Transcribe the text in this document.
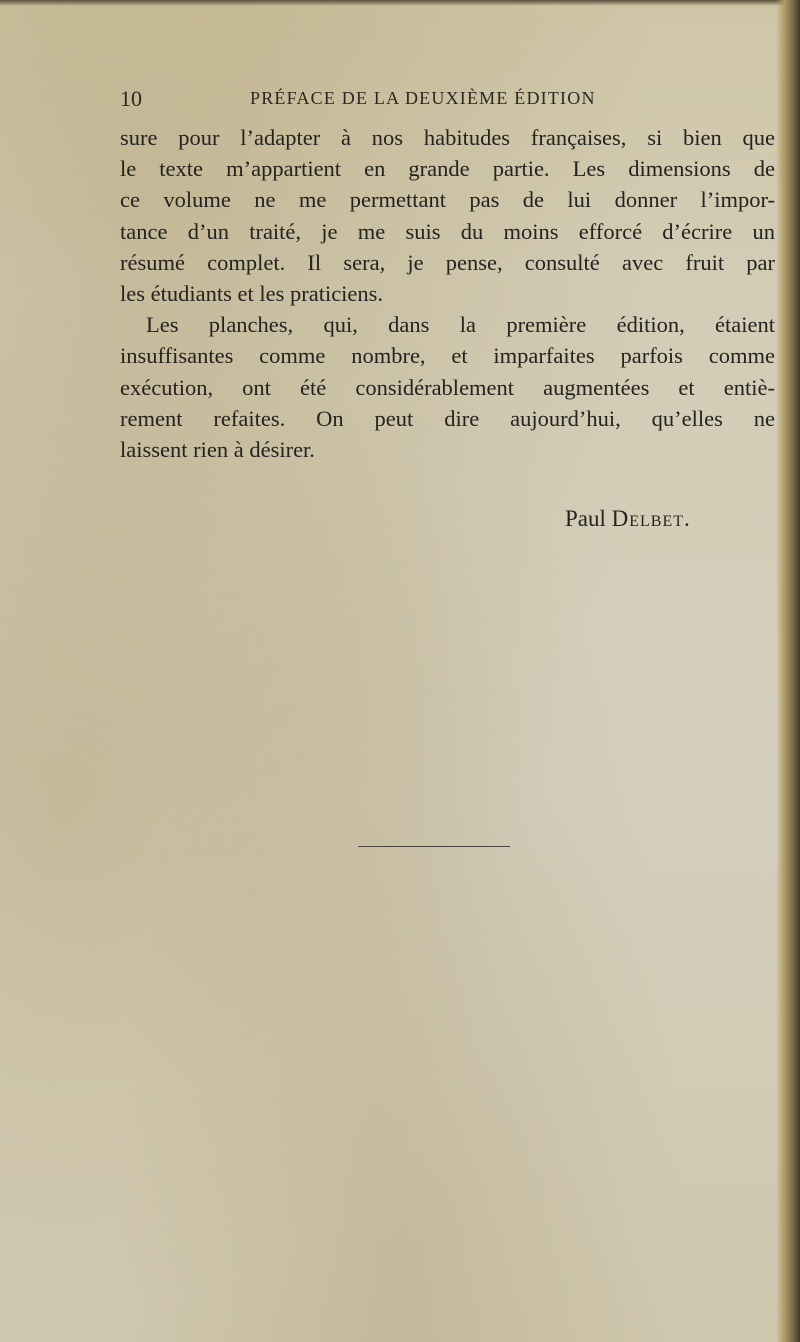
10	PRÉFACE DE LA DEUXIÈME ÉDITION
sure pour l’adapter à nos habitudes françaises, si bien que
le texte m’appartient en grande partie. Les dimensions de
ce volume ne me permettant pas de lui donner l’impor-
tance d’un traité, je me suis du moins efforcé d’écrire un
résumé complet. Il sera, je pense, consulté avec fruit par
les étudiants et les praticiens.
Les planches, qui, dans la première édition, étaient
insuffisantes comme nombre, et imparfaites parfois comme
exécution, ont été considérablement augmentées et entiè-
rement refaites. On peut dire aujourd’hui, qu’elles ne
laissent rien à désirer.
Paul Delbet.
